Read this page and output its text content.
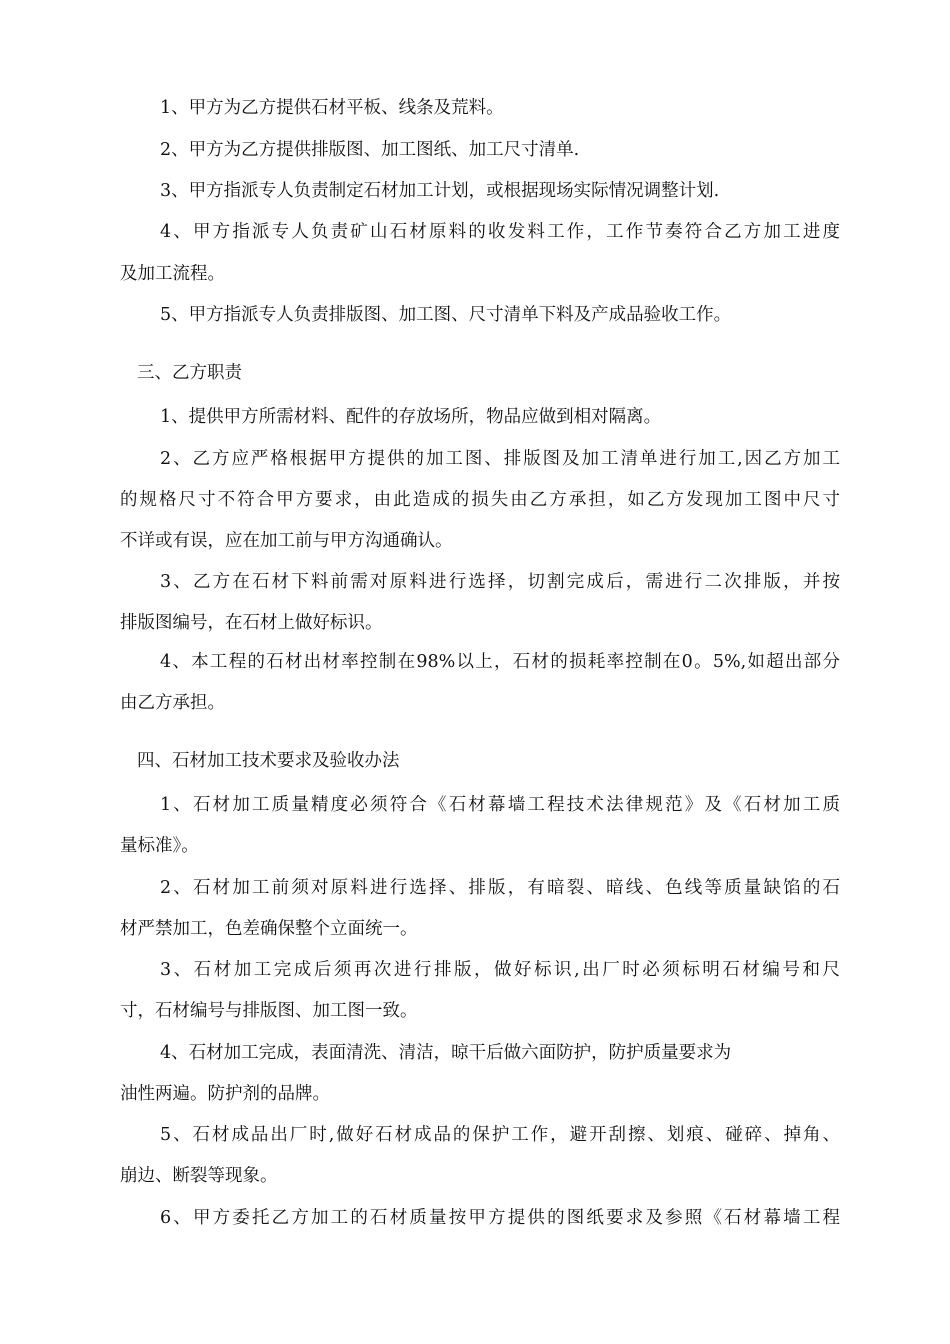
1、甲方为乙方提供石材平板、线条及荒料。
2、甲方为乙方提供排版图、加工图纸、加工尺寸清单.
3、甲方指派专人负责制定石材加工计划，或根据现场实际情况调整计划.
4、甲方指派专人负责矿山石材原料的收发料工作，工作节奏符合乙方加工进度
及加工流程。
5、甲方指派专人负责排版图、加工图、尺寸清单下料及产成品验收工作。
三、乙方职责
1、提供甲方所需材料、配件的存放场所，物品应做到相对隔离。
2、乙方应严格根据甲方提供的加工图、排版图及加工清单进行加工,因乙方加工
的规格尺寸不符合甲方要求，由此造成的损失由乙方承担，如乙方发现加工图中尺寸
不详或有误，应在加工前与甲方沟通确认。
3、乙方在石材下料前需对原料进行选择，切割完成后，需进行二次排版，并按
排版图编号，在石材上做好标识。
4、本工程的石材出材率控制在98%以上，石材的损耗率控制在0。5%,如超出部分
由乙方承担。
四、石材加工技术要求及验收办法
1、石材加工质量精度必须符合《石材幕墙工程技术法律规范》及《石材加工质
量标准》。
2、石材加工前须对原料进行选择、排版，有暗裂、暗线、色线等质量缺馅的石
材严禁加工，色差确保整个立面统一。
3、石材加工完成后须再次进行排版，做好标识,出厂时必须标明石材编号和尺
寸，石材编号与排版图、加工图一致。
4、石材加工完成，表面清洗、清洁，晾干后做六面防护，防护质量要求为
油性两遍。防护剂的品牌。
5、石材成品出厂时,做好石材成品的保护工作，避开刮擦、划痕、碰碎、掉角、
崩边、断裂等现象。
6、甲方委托乙方加工的石材质量按甲方提供的图纸要求及参照《石材幕墙工程
